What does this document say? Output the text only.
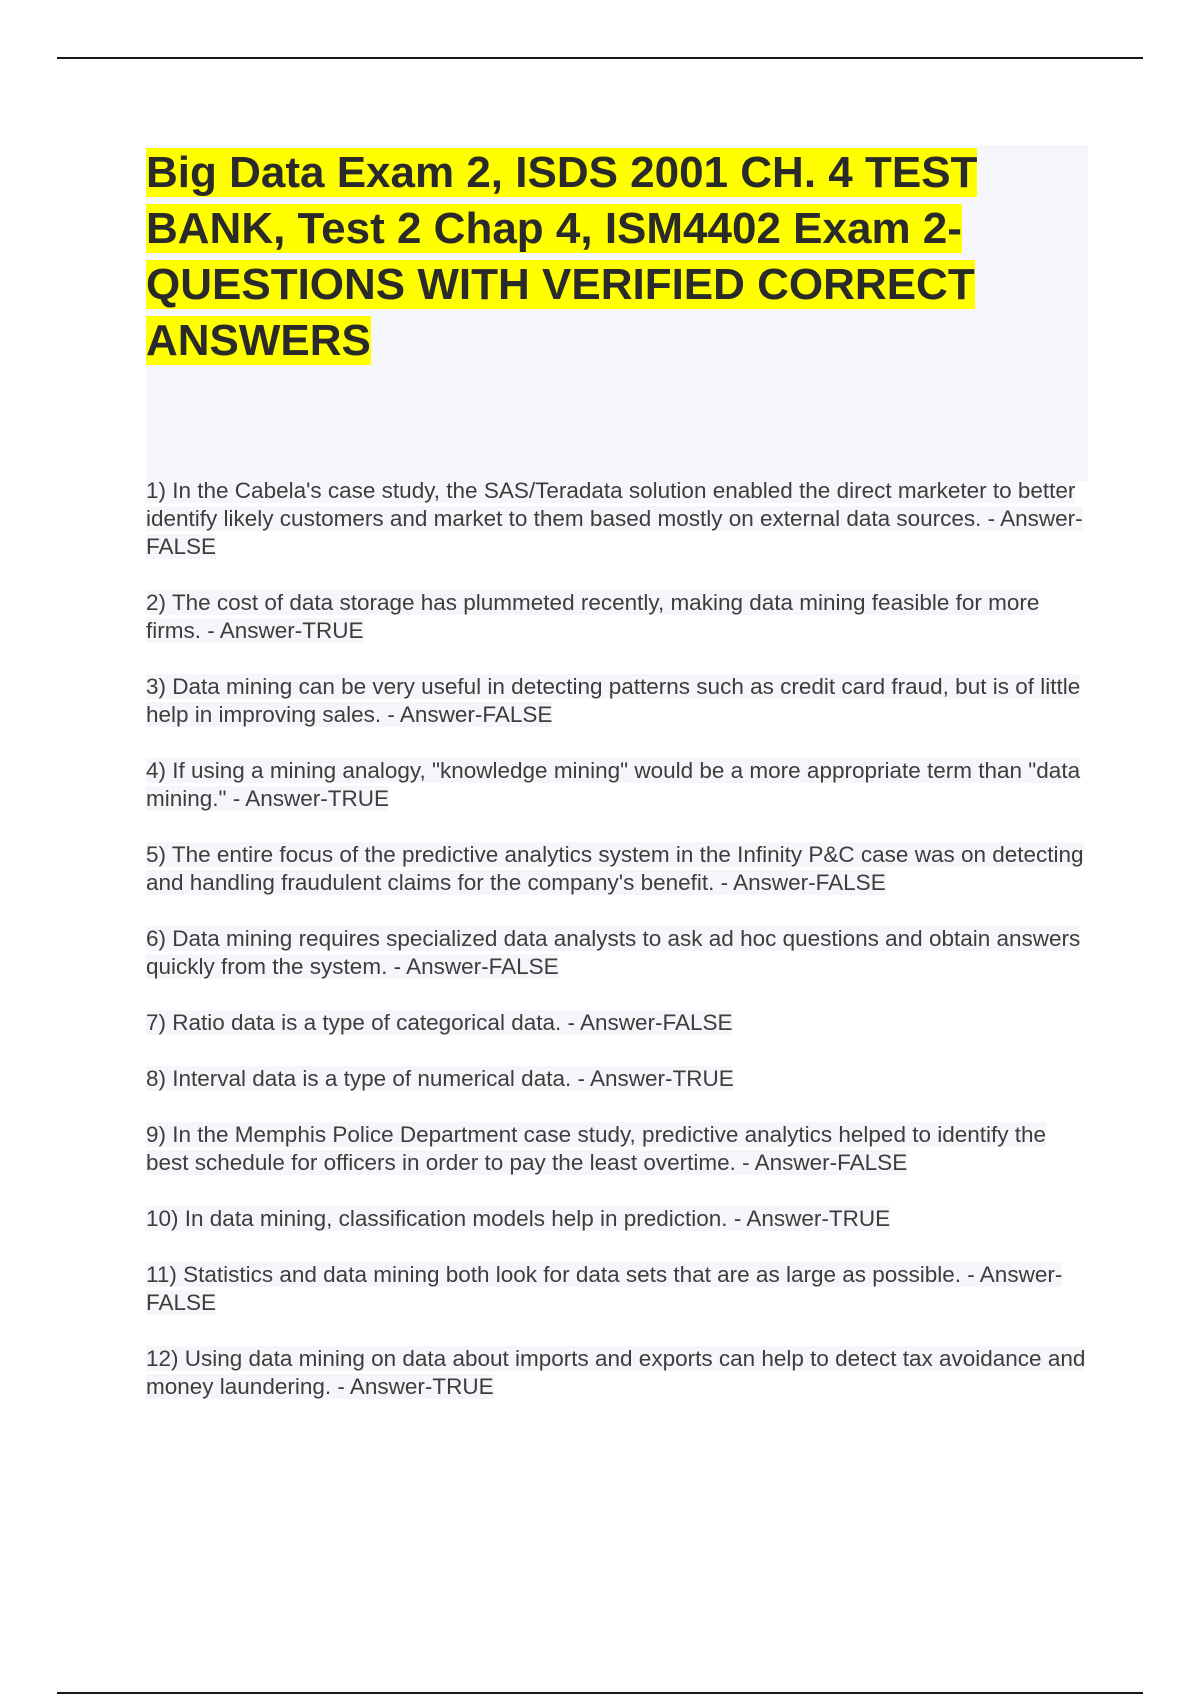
Big Data Exam 2, ISDS 2001 CH. 4 TEST BANK, Test 2 Chap 4, ISM4402 Exam 2- QUESTIONS WITH VERIFIED CORRECT ANSWERS
1) In the Cabela's case study, the SAS/Teradata solution enabled the direct marketer to better identify likely customers and market to them based mostly on external data sources. - Answer-FALSE
2) The cost of data storage has plummeted recently, making data mining feasible for more firms. - Answer-TRUE
3) Data mining can be very useful in detecting patterns such as credit card fraud, but is of little help in improving sales. - Answer-FALSE
4) If using a mining analogy, "knowledge mining" would be a more appropriate term than "data mining." - Answer-TRUE
5) The entire focus of the predictive analytics system in the Infinity P&C case was on detecting and handling fraudulent claims for the company's benefit. - Answer-FALSE
6) Data mining requires specialized data analysts to ask ad hoc questions and obtain answers quickly from the system. - Answer-FALSE
7) Ratio data is a type of categorical data. - Answer-FALSE
8) Interval data is a type of numerical data. - Answer-TRUE
9) In the Memphis Police Department case study, predictive analytics helped to identify the best schedule for officers in order to pay the least overtime. - Answer-FALSE
10) In data mining, classification models help in prediction. - Answer-TRUE
11) Statistics and data mining both look for data sets that are as large as possible. - Answer-FALSE
12) Using data mining on data about imports and exports can help to detect tax avoidance and money laundering. - Answer-TRUE
